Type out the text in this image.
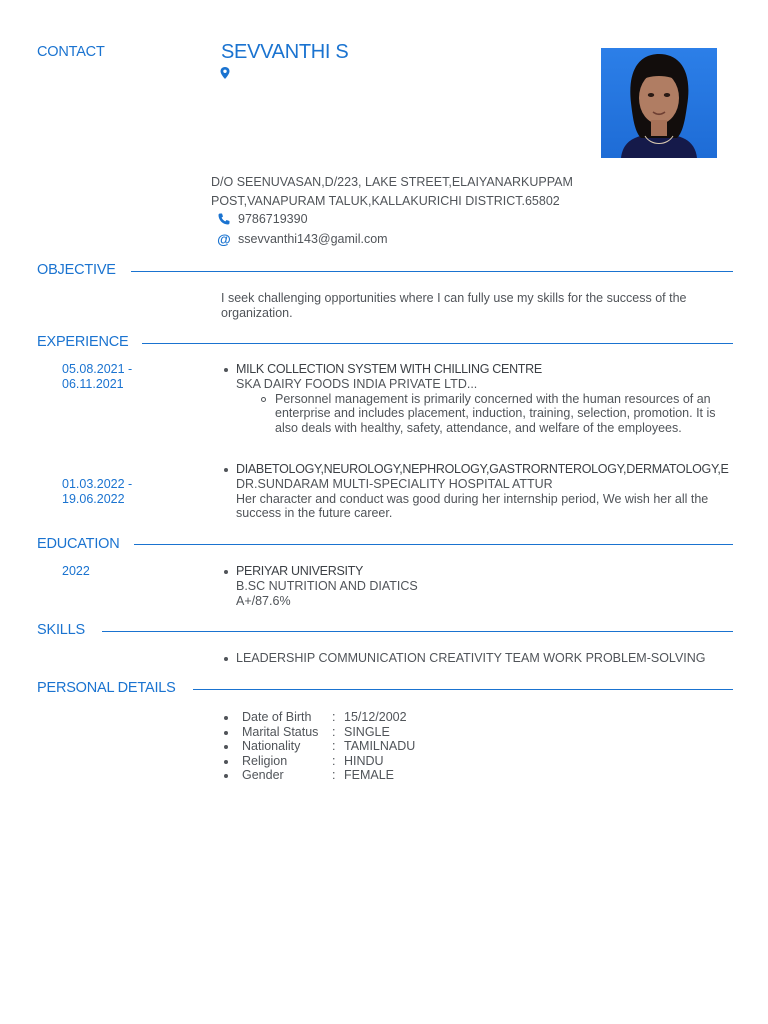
CONTACT	SEVVANTHI S
D/O SEENUVASAN,D/223, LAKE STREET,ELAIYANARKUPPAM POST,VANAPURAM TALUK,KALLAKURICHI DISTRICT.65802
9786719390
@ ssevvanthi143@gamil.com
OBJECTIVE
I seek challenging opportunities where I can fully use my skills for the success of the organization.
EXPERIENCE
05.08.2021 - 06.11.2021
MILK COLLECTION SYSTEM WITH CHILLING CENTRE
SKA DAIRY FOODS INDIA PRIVATE LTD...
Personnel management is primarily concerned with the human resources of an enterprise and includes placement, induction, training, selection, promotion. It is also deals with healthy, safety, attendance, and welfare of the employees.
01.03.2022 - 19.06.2022
DIABETOLOGY,NEUROLOGY,NEPHROLOGY,GASTRORNTEROLOGY,DERMATOLOGY,E
DR.SUNDARAM MULTI-SPECIALITY HOSPITAL ATTUR
Her character and conduct was good during her internship period, We wish her all the success in the future career.
EDUCATION
2022	PERIYAR UNIVERSITY
B.SC NUTRITION AND DIATICS
A+/87.6%
SKILLS
LEADERSHIP COMMUNICATION CREATIVITY TEAM WORK PROBLEM-SOLVING
PERSONAL DETAILS
Date of Birth	: 15/12/2002
Marital Status	: SINGLE
Nationality	: TAMILNADU
Religion	: HINDU
Gender	: FEMALE
